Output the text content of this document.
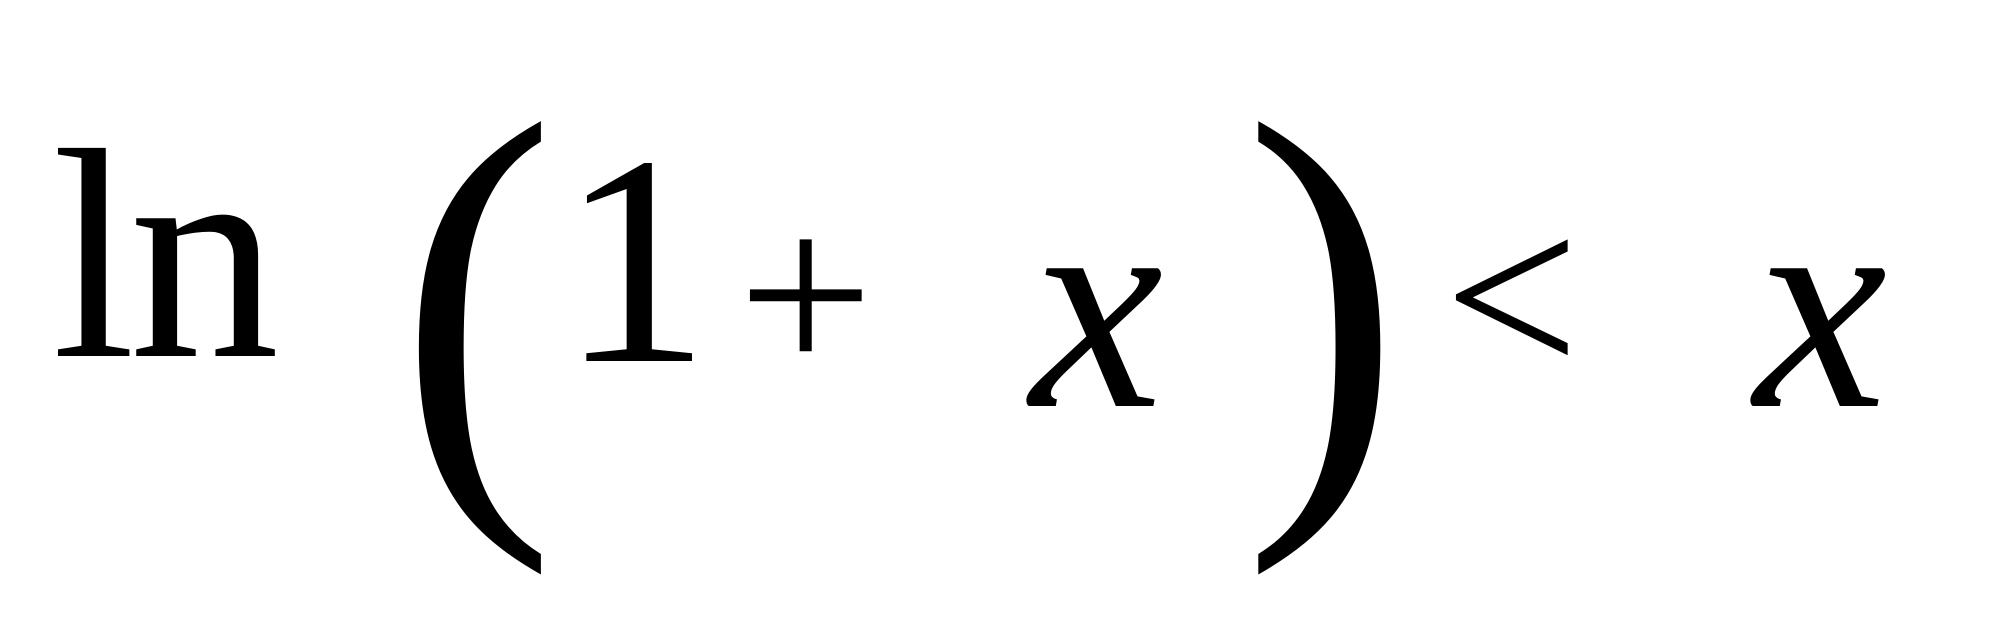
ln ( 1 + x ) < x
